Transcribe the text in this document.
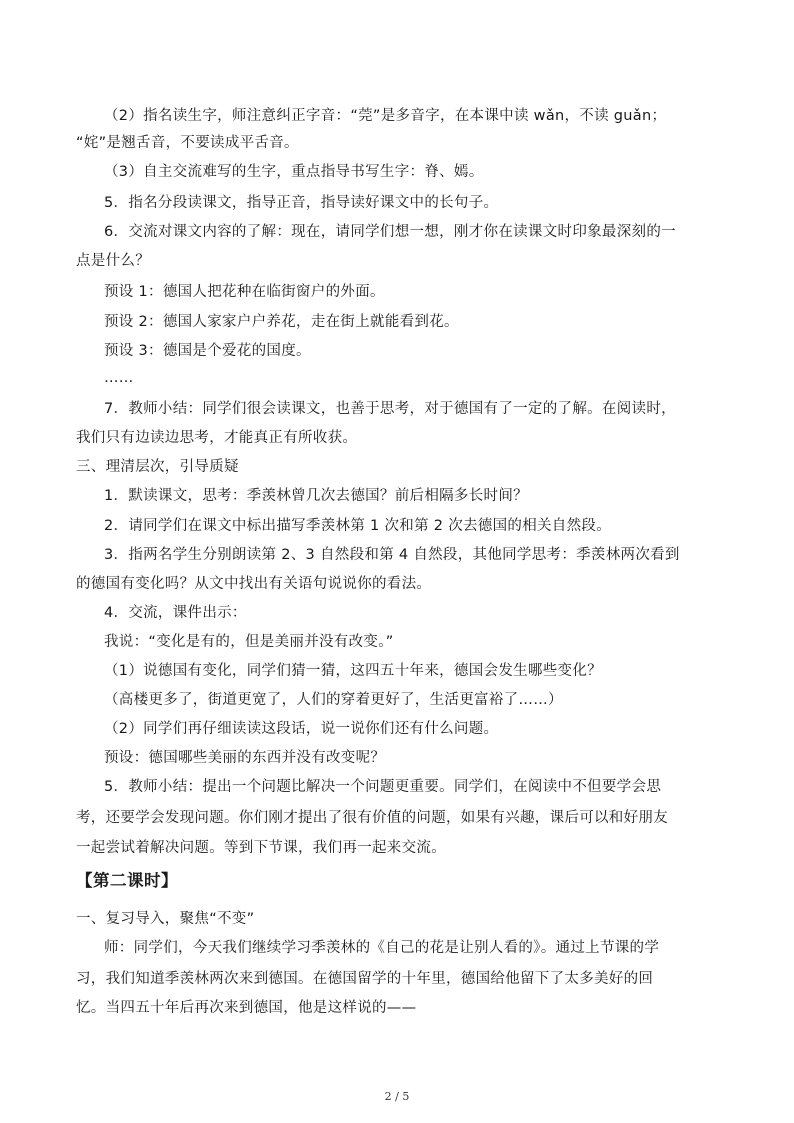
（2）指名读生字，师注意纠正字音：“莞”是多音字，在本课中读 wǎn，不读 guǎn；
“姹”是翘舌音，不要读成平舌音。
（3）自主交流难写的生字，重点指导书写生字：脊、嫣。
5．指名分段读课文，指导正音，指导读好课文中的长句子。
6．交流对课文内容的了解：现在，请同学们想一想，刚才你在读课文时印象最深刻的一
点是什么？
预设 1：德国人把花种在临街窗户的外面。
预设 2：德国人家家户户养花，走在街上就能看到花。
预设 3：德国是个爱花的国度。
……
7．教师小结：同学们很会读课文，也善于思考，对于德国有了一定的了解。在阅读时，
我们只有边读边思考，才能真正有所收获。
三、理清层次，引导质疑
1．默读课文，思考：季羡林曾几次去德国？前后相隔多长时间？
2．请同学们在课文中标出描写季羡林第 1 次和第 2 次去德国的相关自然段。
3．指两名学生分别朗读第 2、3 自然段和第 4 自然段，其他同学思考：季羡林两次看到
的德国有变化吗？从文中找出有关语句说说你的看法。
4．交流，课件出示：
我说：“变化是有的，但是美丽并没有改变。”
（1）说德国有变化，同学们猜一猜，这四五十年来，德国会发生哪些变化？
（高楼更多了，街道更宽了，人们的穿着更好了，生活更富裕了……）
（2）同学们再仔细读读这段话，说一说你们还有什么问题。
预设：德国哪些美丽的东西并没有改变呢？
5．教师小结：提出一个问题比解决一个问题更重要。同学们，在阅读中不但要学会思
考，还要学会发现问题。你们刚才提出了很有价值的问题，如果有兴趣，课后可以和好朋友
一起尝试着解决问题。等到下节课，我们再一起来交流。
【第二课时】
一、复习导入，聚焦“不变”
师：同学们，今天我们继续学习季羡林的《自己的花是让别人看的》。通过上节课的学
习，我们知道季羡林两次来到德国。在德国留学的十年里，德国给他留下了太多美好的回
忆。当四五十年后再次来到德国，他是这样说的——
2 / 5
